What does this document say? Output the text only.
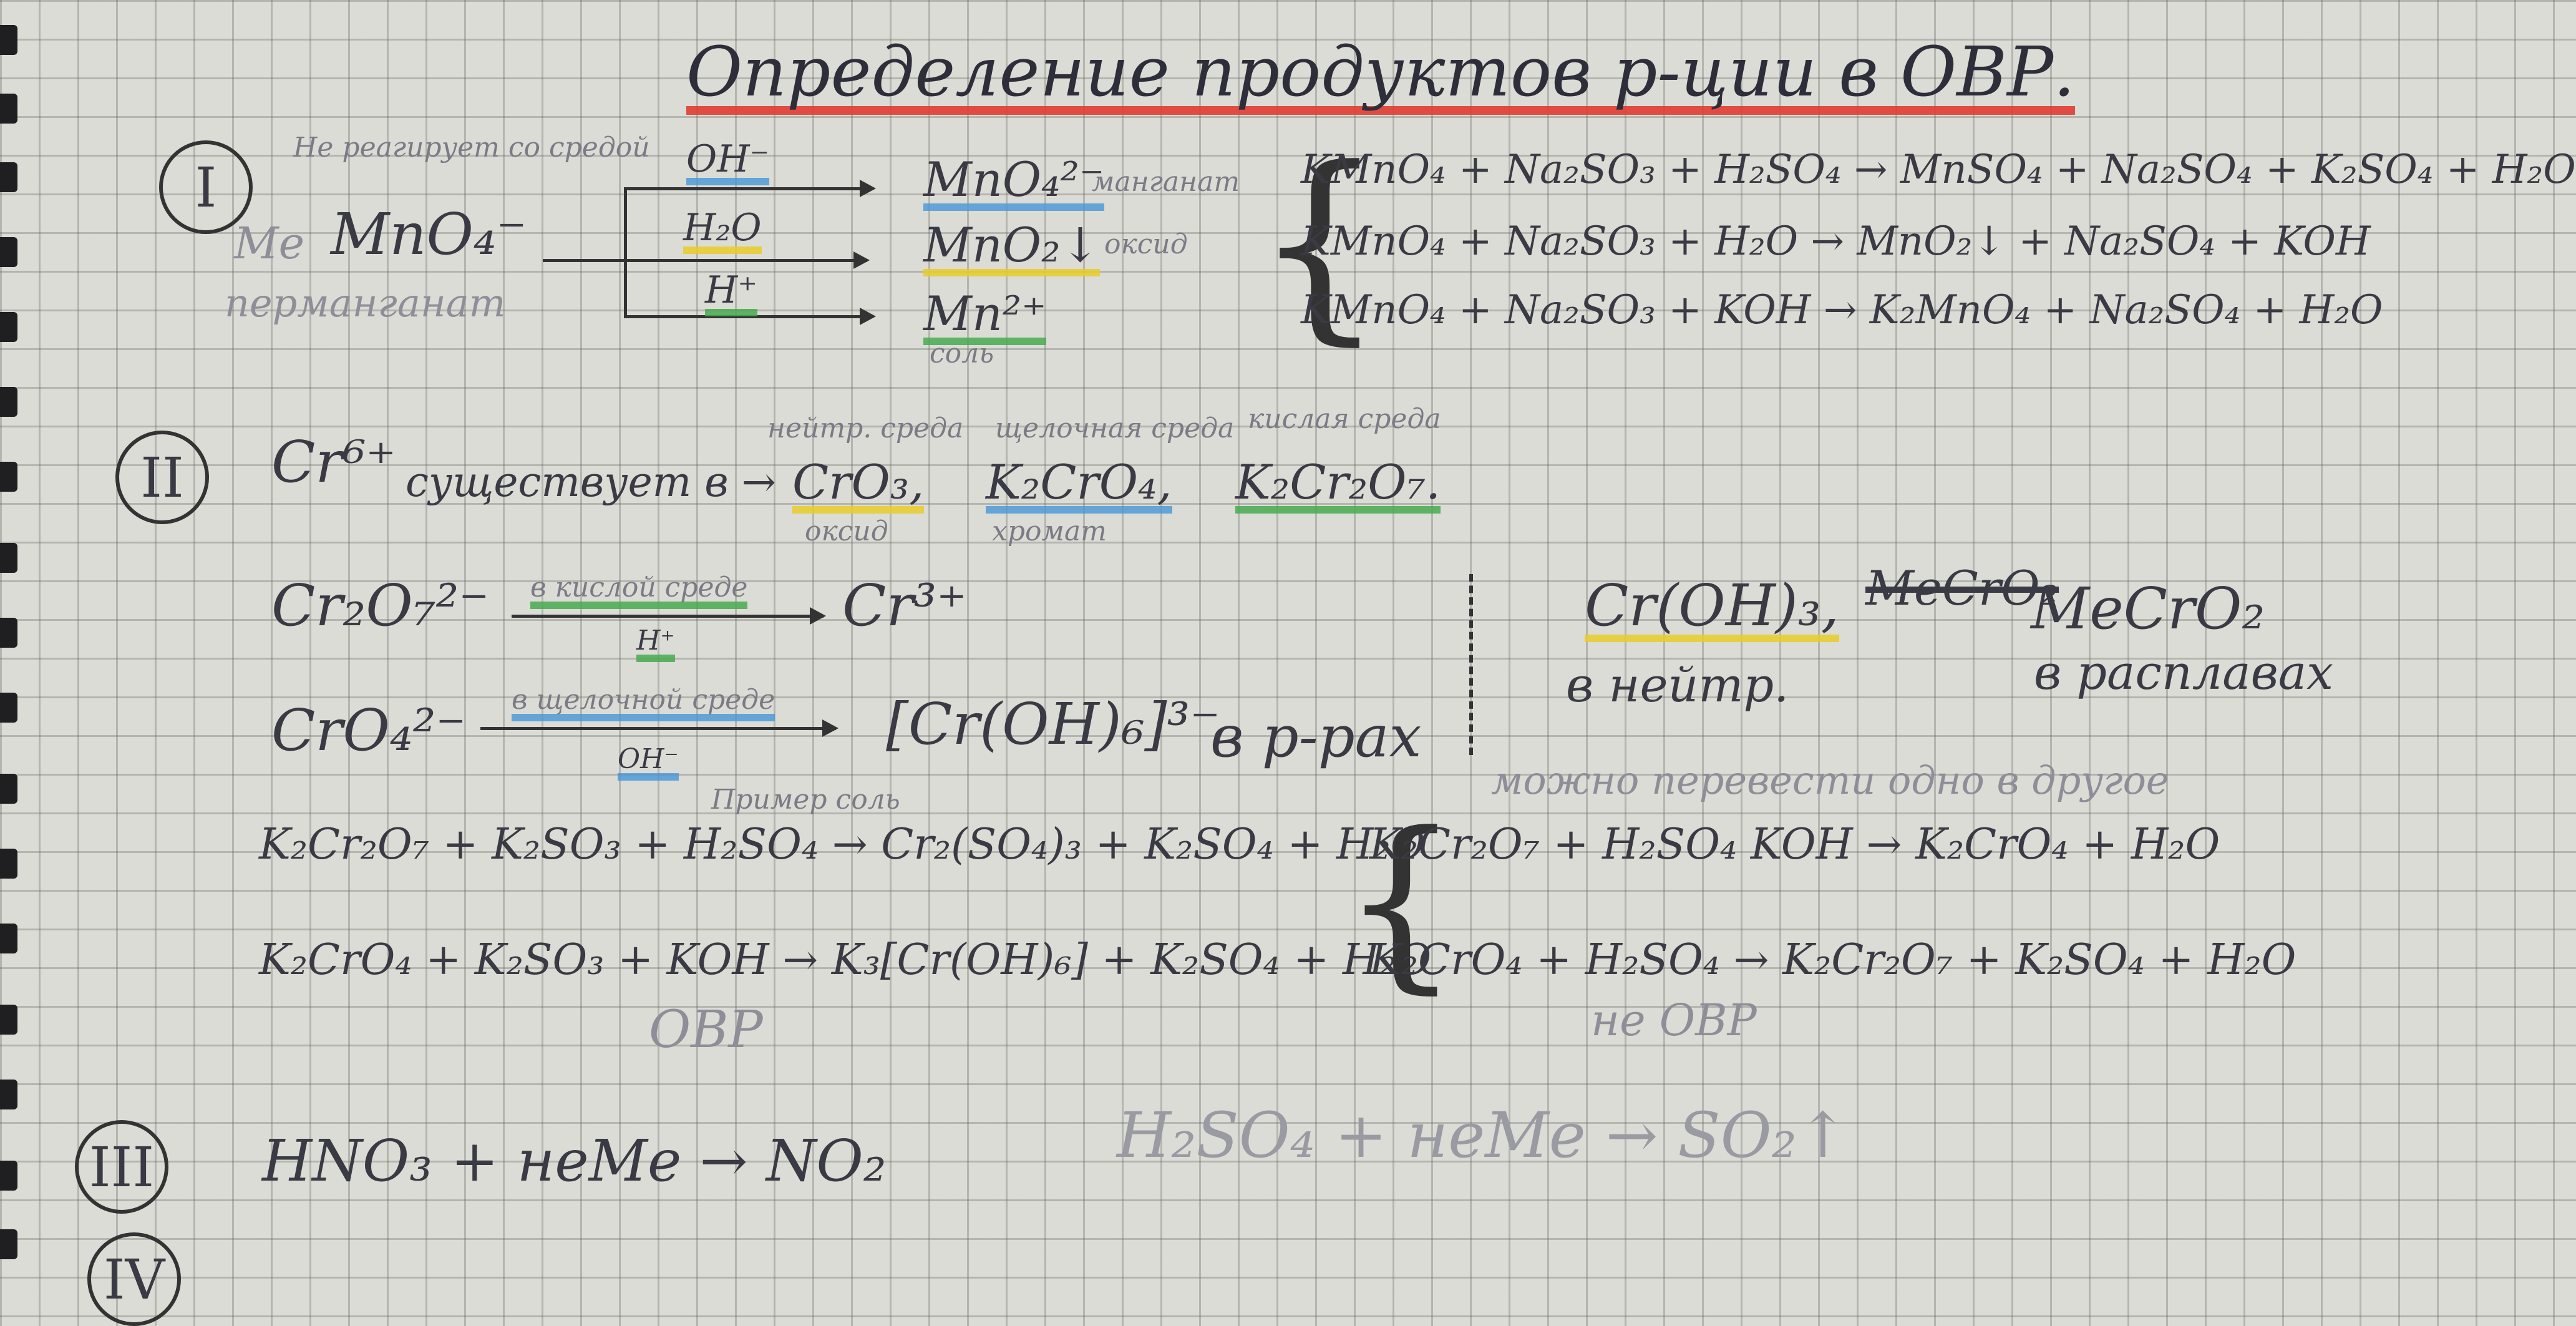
Определение продуктов р-ции в ОВР.
I
Не реагирует со средой
Me MnO₄⁻
перманганат
OH⁻
H₂O
H⁺
MnO₄²⁻
манганат
MnO₂↓ оксид
Mn²⁺
соль {
KMnO₄ + Na₂SO₃ + H₂SO₄ → MnSO₄ + Na₂SO₄ + K₂SO₄ + H₂O
KMnO₄ + Na₂SO₃ + H₂O → MnO₂↓ + Na₂SO₄ + KOH
KMnO₄ + Na₂SO₃ + KOH → K₂MnO₄ + Na₂SO₄ + H₂O
II	Cr⁶⁺ существует в →
нейтр. среда
CrO₃,
оксид
щелочная среда
K₂CrO₄,
хромат
кислая среда
K₂Cr₂O₇.
Cr₂O₇²⁻ в кислой среде
H⁺
Cr³⁺
CrO₄²⁻ в щелочной среде
OH⁻
[Cr(OH)₆]³⁻
в р-рах
Cr(OH)₃,
в нейтр.
MeCrO₂
MeCrO₂
в расплавах
можно перевести одно в другое
Пример соль
K₂Cr₂O₇ + K₂SO₃ + H₂SO₄ → Cr₂(SO₄)₃ + K₂SO₄ + H₂O
K₂CrO₄ + K₂SO₃ + KOH → K₃[Cr(OH)₆] + K₂SO₄ + H₂O
ОВР
{
K₂Cr₂O₇ + H₂SO₄ KOH → K₂CrO₄ + H₂O
K₂CrO₄ + H₂SO₄ → K₂Cr₂O₇ + K₂SO₄ + H₂O
не ОВР
III HNO₃ + неMe → NO₂	H₂SO₄ + неMe → SO₂↑
IV
